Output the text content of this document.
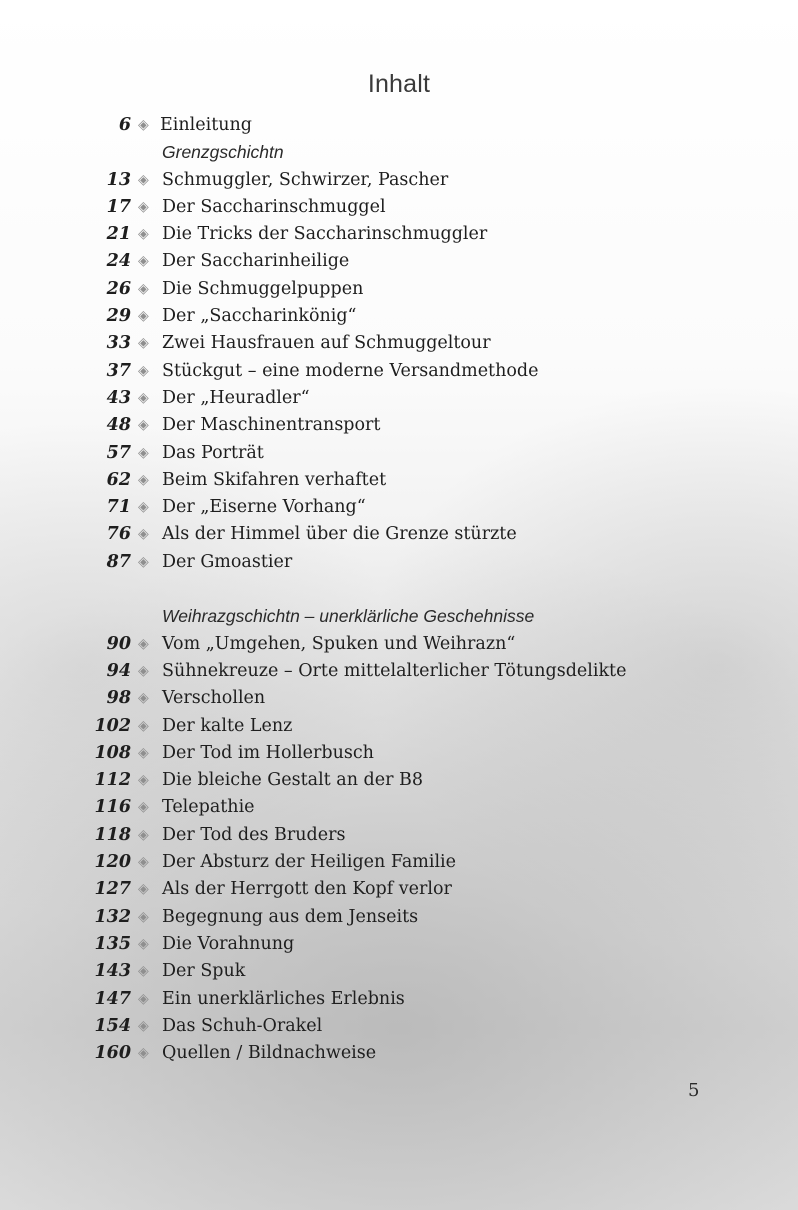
Inhalt
6 ◈ Einleitung
Grenzgschichtn
13 ◈ Schmuggler, Schwirzer, Pascher
17 ◈ Der Saccharinschmuggel
21 ◈ Die Tricks der Saccharinschmuggler
24 ◈ Der Saccharinheilige
26 ◈ Die Schmuggelpuppen
29 ◈ Der „Saccharinkönig“
33 ◈ Zwei Hausfrauen auf Schmuggeltour
37 ◈ Stückgut – eine moderne Versandmethode
43 ◈ Der „Heuradler“
48 ◈ Der Maschinentransport
57 ◈ Das Porträt
62 ◈ Beim Skifahren verhaftet
71 ◈ Der „Eiserne Vorhang“
76 ◈ Als der Himmel über die Grenze stürzte
87 ◈ Der Gmoastier
Weihrazgschichtn – unerklärliche Geschehnisse
90 ◈ Vom „Umgehen, Spuken und Weihrazn“
94 ◈ Sühnekreuze – Orte mittelalterlicher Tötungsdelikte
98 ◈ Verschollen
102 ◈ Der kalte Lenz
108 ◈ Der Tod im Hollerbusch
112 ◈ Die bleiche Gestalt an der B8
116 ◈ Telepathie
118 ◈ Der Tod des Bruders
120 ◈ Der Absturz der Heiligen Familie
127 ◈ Als der Herrgott den Kopf verlor
132 ◈ Begegnung aus dem Jenseits
135 ◈ Die Vorahnung
143 ◈ Der Spuk
147 ◈ Ein unerklärliches Erlebnis
154 ◈ Das Schuh-Orakel
160 ◈ Quellen / Bildnachweise
5
